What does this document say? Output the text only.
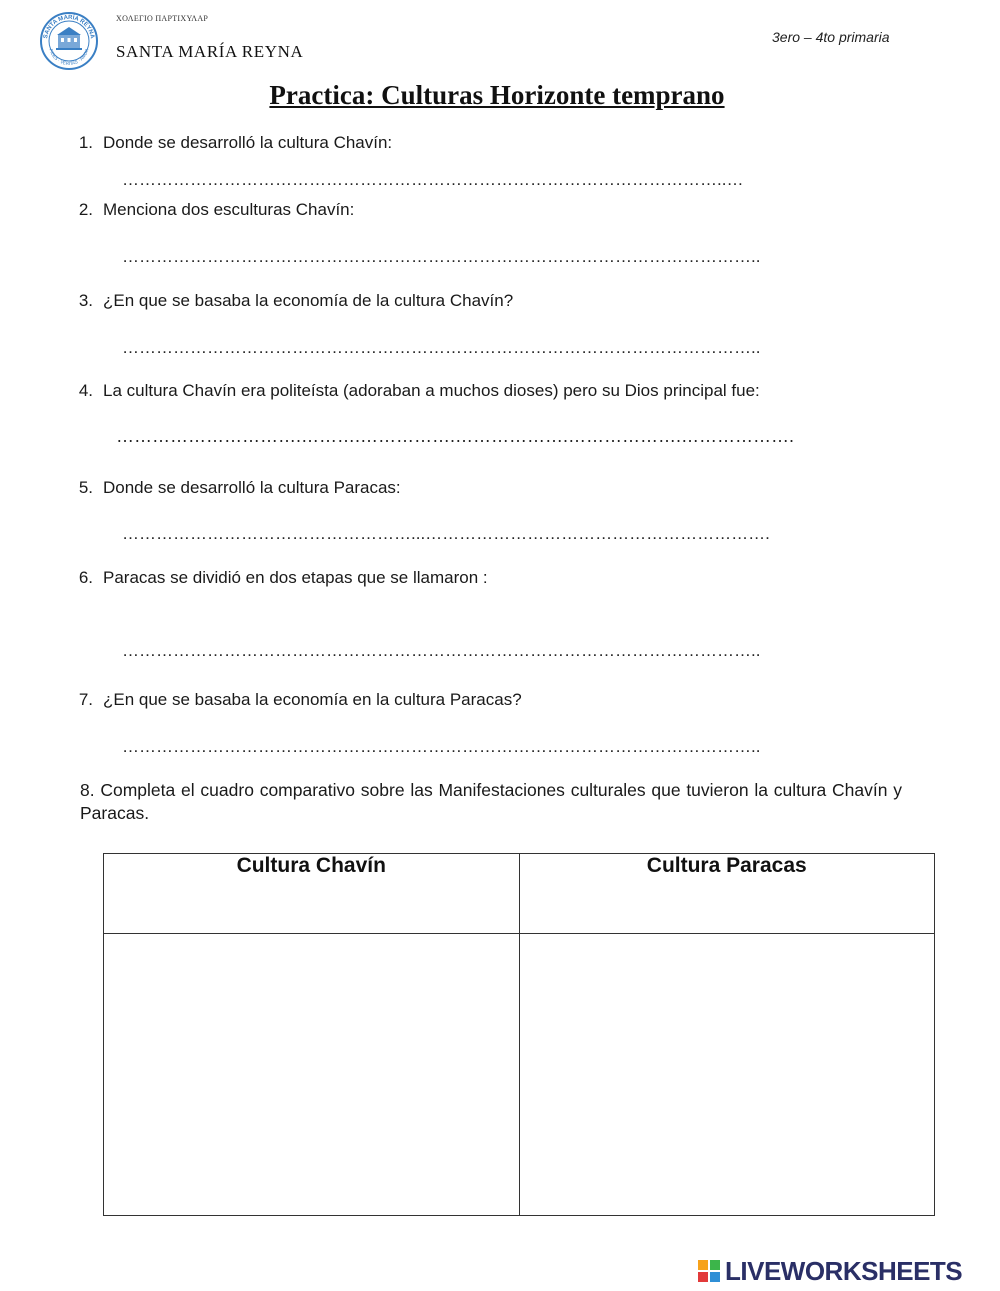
SANTA MARÍA REYNA
FIDES · VERITAS · AMOR
ΧΟΛΕΓΙΟ ΠΑΡΤΙΧΥΛΑΡ
SANTA MARÍA REYNA
3ero – 4to primaria
Practica: Culturas Horizonte temprano
1. Donde se desarrolló la cultura Chavín:
……………………………………………………………………………………………..…
2. Menciona dos esculturas Chavín:
…………………………………………………………………………………………………..
3. ¿En que se basaba la economía de la cultura Chavín?
…………………………………………………………………………………………………..
4. La cultura Chavín era politeísta (adoraban a muchos dioses) pero su Dios principal fue:
………………………….……….…………….……………….……………….……………….
5. Donde se desarrolló la cultura Paracas:
……………………………………………...…………………………………………………….
6. Paracas se dividió en dos etapas que se llamaron :
…………………………………………………………………………………………………..
7. ¿En que se basaba la economía en la cultura Paracas?
…………………………………………………………………………………………………..
8. Completa el cuadro comparativo sobre las Manifestaciones culturales que tuvieron la cultura Chavín y Paracas.
Cultura Chavín	Cultura Paracas

LIVEWORKSHEETS
